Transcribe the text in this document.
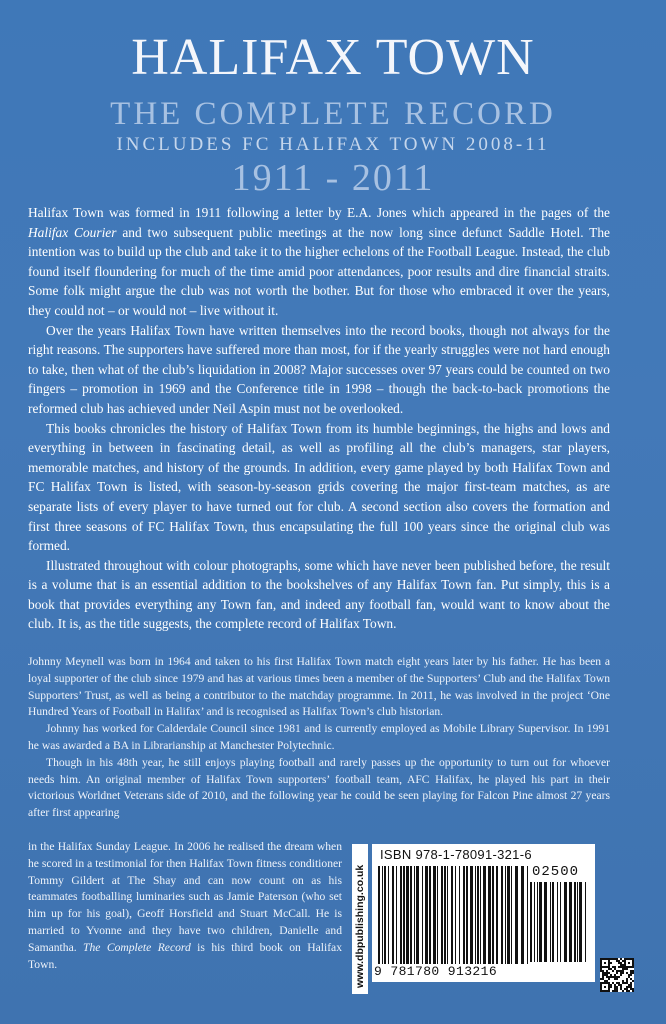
HALIFAX TOWN
THE COMPLETE RECORD
INCLUDES FC HALIFAX TOWN 2008-11
1911 - 2011

Halifax Town was formed in 1911 following a letter by E.A. Jones which appeared in the pages of the Halifax Courier and two subsequent public meetings at the now long since defunct Saddle Hotel. The intention was to build up the club and take it to the higher echelons of the Football League. Instead, the club found itself floundering for much of the time amid poor attendances, poor results and dire financial straits. Some folk might argue the club was not worth the bother. But for those who embraced it over the years, they could not – or would not – live without it.

Over the years Halifax Town have written themselves into the record books, though not always for the right reasons. The supporters have suffered more than most, for if the yearly struggles were not hard enough to take, then what of the club’s liquidation in 2008? Major successes over 97 years could be counted on two fingers – promotion in 1969 and the Conference title in 1998 – though the back-to-back promotions the reformed club has achieved under Neil Aspin must not be overlooked.

This books chronicles the history of Halifax Town from its humble beginnings, the highs and lows and everything in between in fascinating detail, as well as profiling all the club’s managers, star players, memorable matches, and history of the grounds. In addition, every game played by both Halifax Town and FC Halifax Town is listed, with season-by-season grids covering the major first-team matches, as are separate lists of every player to have turned out for club. A second section also covers the formation and first three seasons of FC Halifax Town, thus encapsulating the full 100 years since the original club was formed.

Illustrated throughout with colour photographs, some which have never been published before, the result is a volume that is an essential addition to the bookshelves of any Halifax Town fan. Put simply, this is a book that provides everything any Town fan, and indeed any football fan, would want to know about the club. It is, as the title suggests, the complete record of Halifax Town.

Johnny Meynell was born in 1964 and taken to his first Halifax Town match eight years later by his father. He has been a loyal supporter of the club since 1979 and has at various times been a member of the Supporters’ Club and the Halifax Town Supporters’ Trust, as well as being a contributor to the matchday programme. In 2011, he was involved in the project ‘One Hundred Years of Football in Halifax’ and is recognised as Halifax Town’s club historian.

Johnny has worked for Calderdale Council since 1981 and is currently employed as Mobile Library Supervisor. In 1991 he was awarded a BA in Librarianship at Manchester Polytechnic.

Though in his 48th year, he still enjoys playing football and rarely passes up the opportunity to turn out for whoever needs him. An original member of Halifax Town supporters’ football team, AFC Halifax, he played his part in their victorious Worldnet Veterans side of 2010, and the following year he could be seen playing for Falcon Pine almost 27 years after first appearing

in the Halifax Sunday League. In 2006 he realised the dream when he scored in a testimonial for then Halifax Town fitness conditioner Tommy Gildert at The Shay and can now count on as his teammates footballing luminaries such as Jamie Paterson (who set him up for his goal), Geoff Horsfield and Stuart McCall. He is married to Yvonne and they have two children, Danielle and Samantha. The Complete Record is his third book on Halifax Town.	www.dbpublishing.co.uk
ISBN 978-1-78091-321-6
02500
9 781780 913216
